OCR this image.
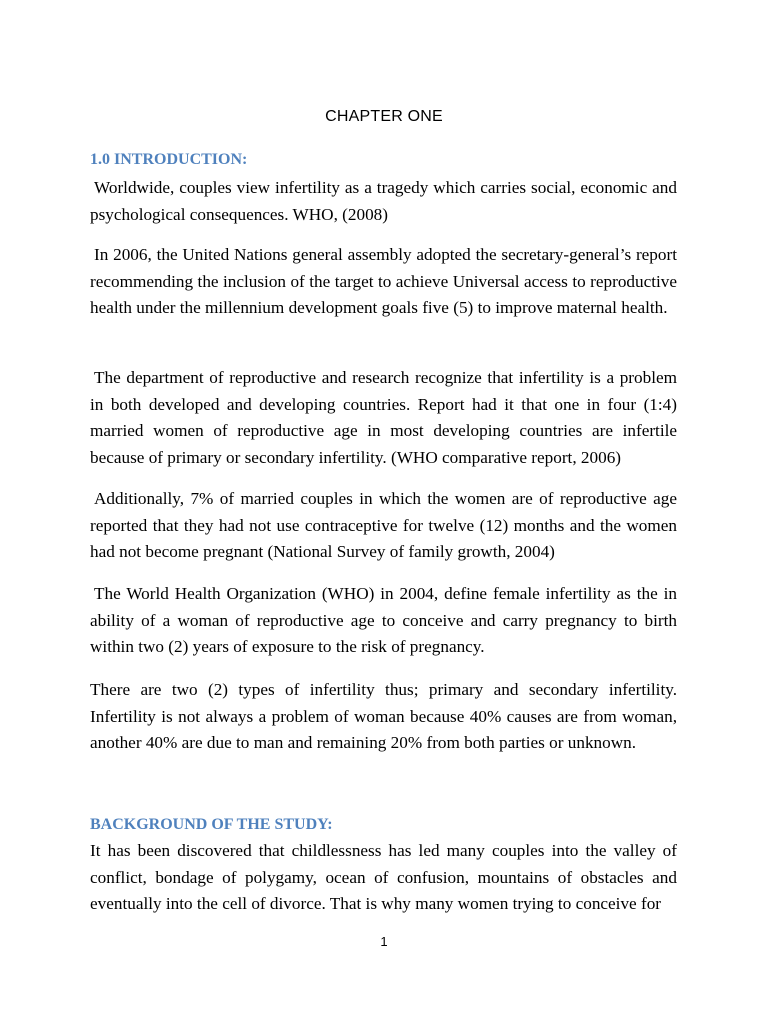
CHAPTER ONE
1.0 INTRODUCTION:

Worldwide, couples view infertility as a tragedy which carries social, economic and psychological consequences. WHO, (2008)

In 2006, the United Nations general assembly adopted the secretary-general’s report recommending the inclusion of the target to achieve Universal access to reproductive health under the millennium development goals five (5) to improve maternal health.

The department of reproductive and research recognize that infertility is a problem in both developed and developing countries. Report had it that one in four (1:4) married women of reproductive age in most developing countries are infertile because of primary or secondary infertility. (WHO comparative report, 2006)

Additionally, 7% of married couples in which the women are of reproductive age reported that they had not use contraceptive for twelve (12) months and the women had not become pregnant (National Survey of family growth, 2004)

The World Health Organization (WHO) in 2004, define female infertility as the in ability of a woman of reproductive age to conceive and carry pregnancy to birth within two (2) years of exposure to the risk of pregnancy.

There are two (2) types of infertility thus; primary and secondary infertility. Infertility is not always a problem of woman because 40% causes are from woman, another 40% are due to man and remaining 20% from both parties or unknown.

BACKGROUND OF THE STUDY:

It has been discovered that childlessness has led many couples into the valley of conflict, bondage of polygamy, ocean of confusion, mountains of obstacles and eventually into the cell of divorce. That is why many women trying to conceive for

1
